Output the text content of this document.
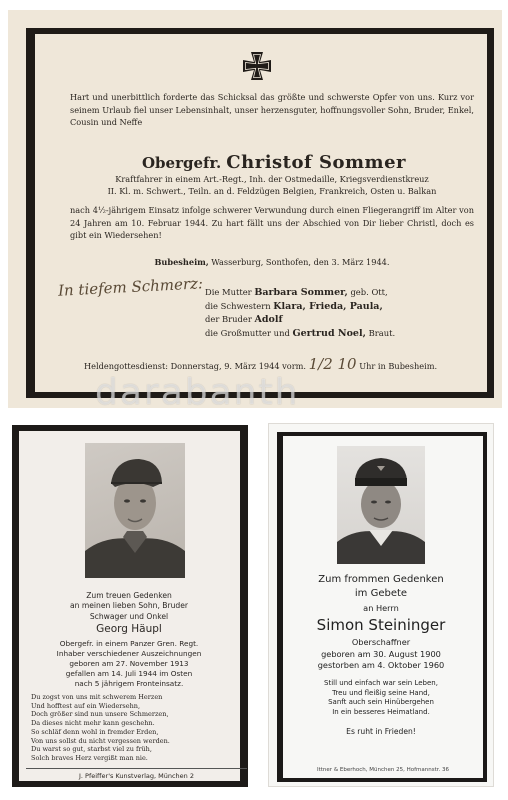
Hart und unerbittlich forderte das Schicksal das größte und schwerste Opfer von uns. Kurz vor seinem Urlaub fiel unser Lebensinhalt, unser herzensguter, hoffnungsvoller Sohn, Bruder, Enkel, Cousin und Neffe
Obergefr. Christof Sommer
Kraftfahrer in einem Art.-Regt., Inh. der Ostmedaille, Kriegsverdienstkreuz
II. Kl. m. Schwert., Teiln. an d. Feldzügen Belgien, Frankreich, Osten u. Balkan
nach 4½-jährigem Einsatz infolge schwerer Verwundung durch einen Fliegerangriff im Alter von 24 Jahren am 10. Februar 1944. Zu hart fällt uns der Abschied von Dir lieber Christl, doch es gibt ein Wiedersehen!
Bubesheim, Wasserburg, Sonthofen, den 3. März 1944.
In tiefem Schmerz: Die Mutter Barbara Sommer, geb. Ott,
die Schwestern Klara, Frieda, Paula,
der Bruder Adolf
die Großmutter und Gertrud Noel, Braut.
Heldengottesdienst: Donnerstag, 9. März 1944 vorm. 1/2 10 Uhr in Bubesheim.
Zum treuen Gedenken
an meinen lieben Sohn, Bruder
Schwager und Onkel
Georg Häupl
Obergefr. in einem Panzer Gren. Regt.
Inhaber verschiedener Auszeichnungen
geboren am 27. November 1913
gefallen am 14. Juli 1944 im Osten
nach 5 jährigem Fronteinsatz.
Du zogst von uns mit schwerem Herzen
Und hofftest auf ein Wiedersehn,
Doch größer sind nun unsere Schmerzen,
Da dieses nicht mehr kann geschehn.
So schläf denn wohl in fremder Erden,
Von uns sollst du nicht vergessen werden.
Du warst so gut, starbst viel zu früh,
Solch braves Herz vergißt man nie.
J. Pfeiffer's Kunstverlag, München 2
Zum frommen Gedenken
im Gebete
an Herrn
Simon Steininger
Oberschaffner
geboren am 30. August 1900
gestorben am 4. Oktober 1960
Still und einfach war sein Leben,
Treu und fleißig seine Hand,
Sanft auch sein Hinübergehen
In ein besseres Heimatland.
Es ruht in Frieden!
Ittner & Eberhoch, München 25, Hofmannstr. 36
darabanth
